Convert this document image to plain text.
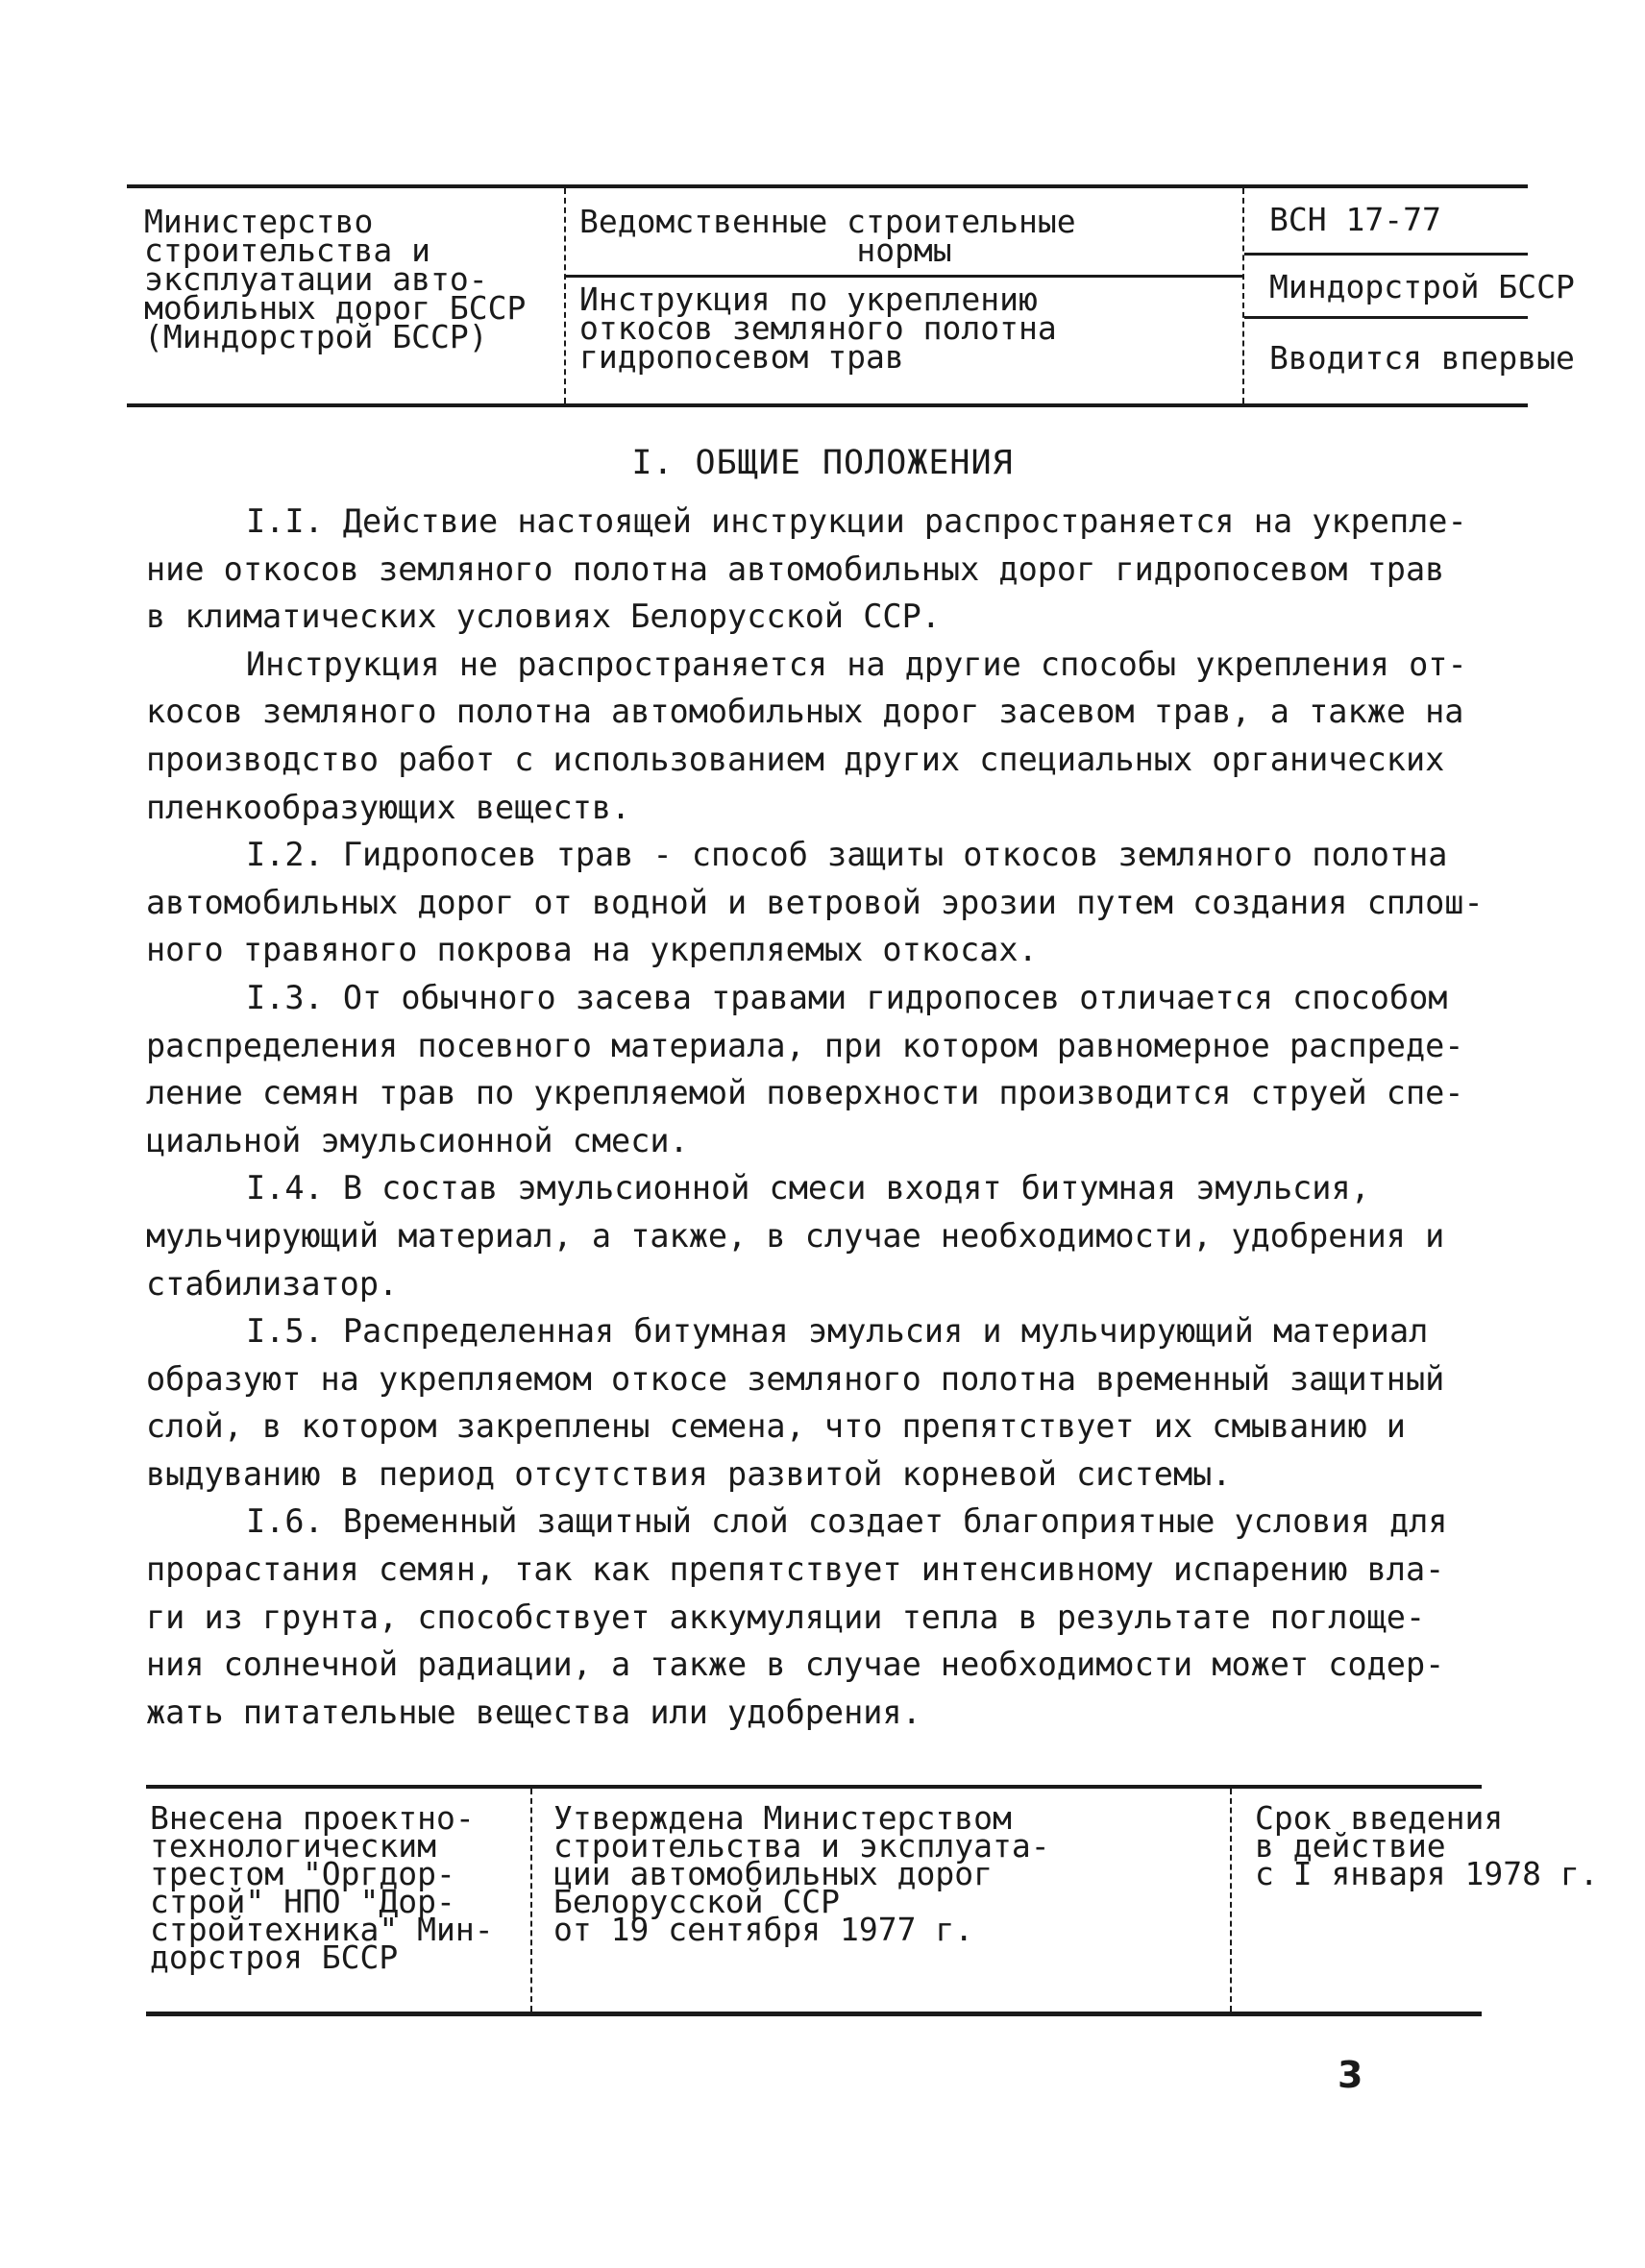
Министерство
строительства и
эксплуатации авто-
мобильных дорог БССР
(Миндорстрой БССР)
Ведомственные строительные
нормы
Инструкция по укреплению
откосов земляного полотна
гидропосевом трав
ВСН 17-77
Миндорстрой БССР
Вводится впервые
I. ОБЩИЕ ПОЛОЖЕНИЯ

I.I. Действие настоящей инструкции распространяется на укрепле-
ние откосов земляного полотна автомобильных дорог гидропосевом трав
в климатических условиях Белорусской ССР.

Инструкция не распространяется на другие способы укрепления от-
косов земляного полотна автомобильных дорог засевом трав, а также на
производство работ с использованием других специальных органических
пленкообразующих веществ.

I.2. Гидропосев трав - способ защиты откосов земляного полотна
автомобильных дорог от водной и ветровой эрозии путем создания сплош-
ного травяного покрова на укрепляемых откосах.

I.3. От обычного засева травами гидропосев отличается способом
распределения посевного материала, при котором равномерное распреде-
ление семян трав по укрепляемой поверхности производится струей спе-
циальной эмульсионной смеси.

I.4. В состав эмульсионной смеси входят битумная эмульсия,
мульчирующий материал, а также, в случае необходимости, удобрения и
стабилизатор.

I.5. Распределенная битумная эмульсия и мульчирующий материал
образуют на укрепляемом откосе земляного полотна временный защитный
слой, в котором закреплены семена, что препятствует их смыванию и
выдуванию в период отсутствия развитой корневой системы.

I.6. Временный защитный слой создает благоприятные условия для
прорастания семян, так как препятствует интенсивному испарению вла-
ги из грунта, способствует аккумуляции тепла в результате поглоще-
ния солнечной радиации, а также в случае необходимости может содер-
жать питательные вещества или удобрения.

Внесена проектно-
технологическим
трестом "Оргдор-
строй" НПО "Дор-
стройтехника" Мин-
дорстроя БССР
Утверждена Министерством
строительства и эксплуата-
ции автомобильных дорог
Белорусской ССР
от 19 сентября 1977 г.
Срок введения
в действие
с I января 1978 г.
3
